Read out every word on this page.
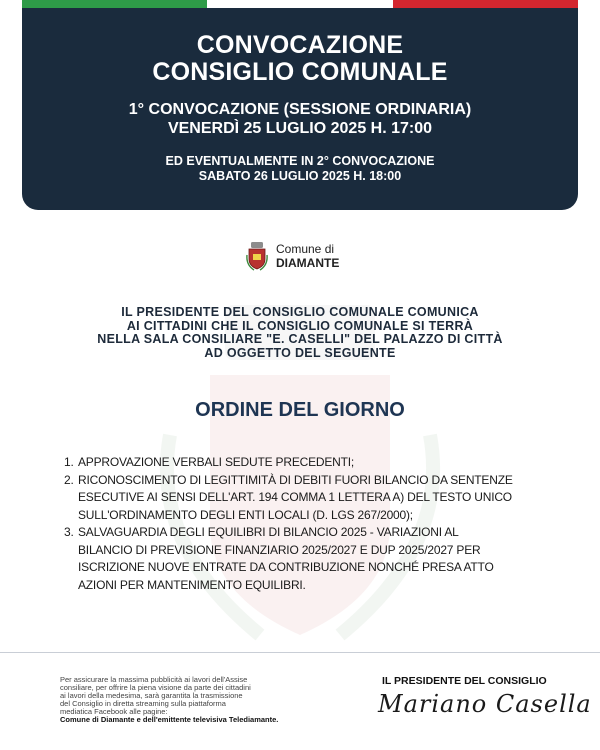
CONVOCAZIONE
CONSIGLIO COMUNALE
1° CONVOCAZIONE (SESSIONE ORDINARIA)
VENERDÌ 25 LUGLIO 2025 H. 17:00
ED EVENTUALMENTE IN 2° CONVOCAZIONE
SABATO 26 LUGLIO 2025 H. 18:00
Comune di
DIAMANTE
IL PRESIDENTE DEL CONSIGLIO COMUNALE COMUNICA
AI CITTADINI CHE IL CONSIGLIO COMUNALE SI TERRÀ
NELLA SALA CONSILIARE "E. CASELLI" DEL PALAZZO DI CITTÀ
AD OGGETTO DEL SEGUENTE
ORDINE DEL GIORNO
1. APPROVAZIONE VERBALI SEDUTE PRECEDENTI;
2. RICONOSCIMENTO DI LEGITTIMITÀ DI DEBITI FUORI BILANCIO DA SENTENZE
ESECUTIVE AI SENSI DELL'ART. 194 COMMA 1 LETTERA A) DEL TESTO UNICO
SULL'ORDINAMENTO DEGLI ENTI LOCALI (D. LGS 267/2000);
3. SALVAGUARDIA DEGLI EQUILIBRI DI BILANCIO 2025 - VARIAZIONI AL
BILANCIO DI PREVISIONE FINANZIARIO 2025/2027 E DUP 2025/2027 PER
ISCRIZIONE NUOVE ENTRATE DA CONTRIBUZIONE NONCHÉ PRESA ATTO
AZIONI PER MANTENIMENTO EQUILIBRI.
Per assicurare la massima pubblicità ai lavori dell'Assise
consiliare, per offrire la piena visione da parte dei cittadini
ai lavori della medesima, sarà garantita la trasmissione
del Consiglio in diretta streaming sulla piattaforma
mediatica Facebook alle pagine:
Comune di Diamante e dell'emittente televisiva Telediamante.
IL PRESIDENTE DEL CONSIGLIO
Mariano Casella
